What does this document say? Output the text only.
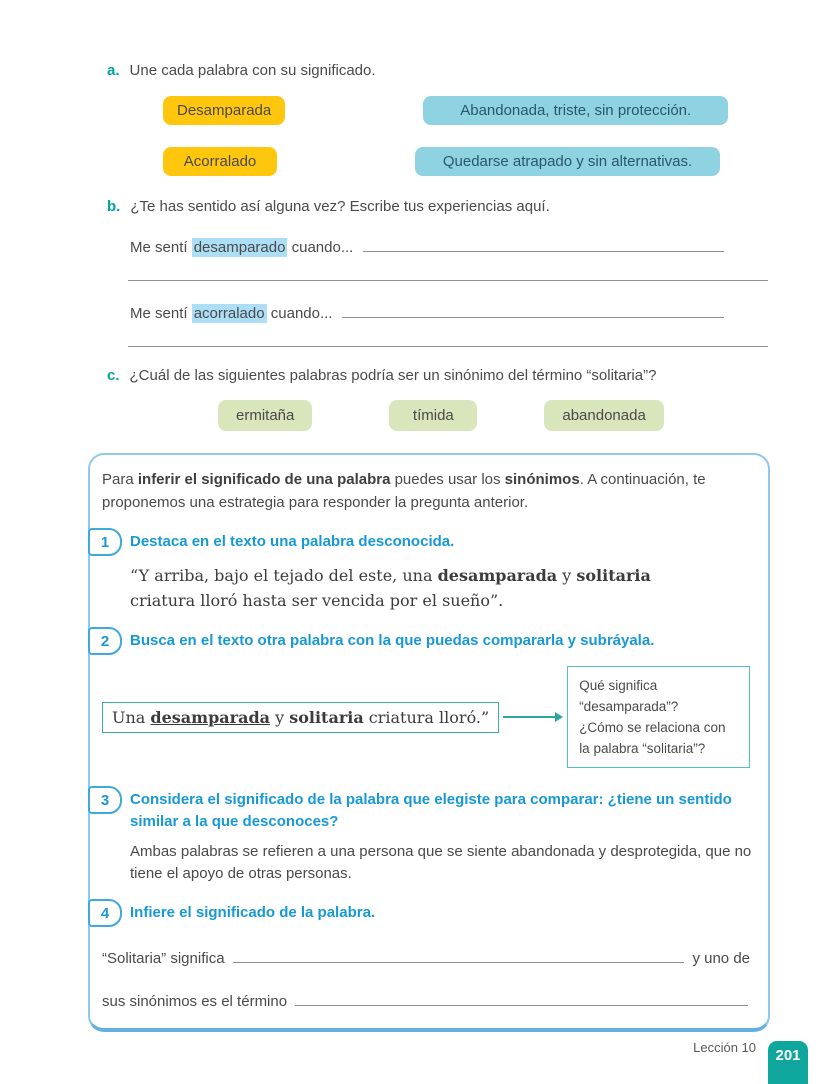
a. Une cada palabra con su significado.
Desamparada	Abandonada, triste, sin protección.
Acorralado	Quedarse atrapado y sin alternativas.
b. ¿Te has sentido así alguna vez? Escribe tus experiencias aquí.
Me sentí desamparado cuando...
Me sentí acorralado cuando...
c. ¿Cuál de las siguientes palabras podría ser un sinónimo del término “solitaria”?
ermitaña	tímida	abandonada

Para inferir el significado de una palabra puedes usar los sinónimos. A continuación, te proponemos una estrategia para responder la pregunta anterior.

1 Destaca en el texto una palabra desconocida.

“Y arriba, bajo el tejado del este, una desamparada y solitaria criatura lloró hasta ser vencida por el sueño”.

2 Busca en el texto otra palabra con la que puedas compararla y subráyala.
Una desamparada y solitaria criatura lloró.”
Qué significa “desamparada”?
¿Cómo se relaciona con
la palabra “solitaria”?
3 Considera el significado de la palabra que elegiste para comparar: ¿tiene un sentido similar a la que desconoces?
Ambas palabras se refieren a una persona que se siente abandonada y desprotegida, que no tiene el apoyo de otras personas.
4 Infiere el significado de la palabra.
“Solitaria” significa	y uno de
sus sinónimos es el término
Lección 10	201
